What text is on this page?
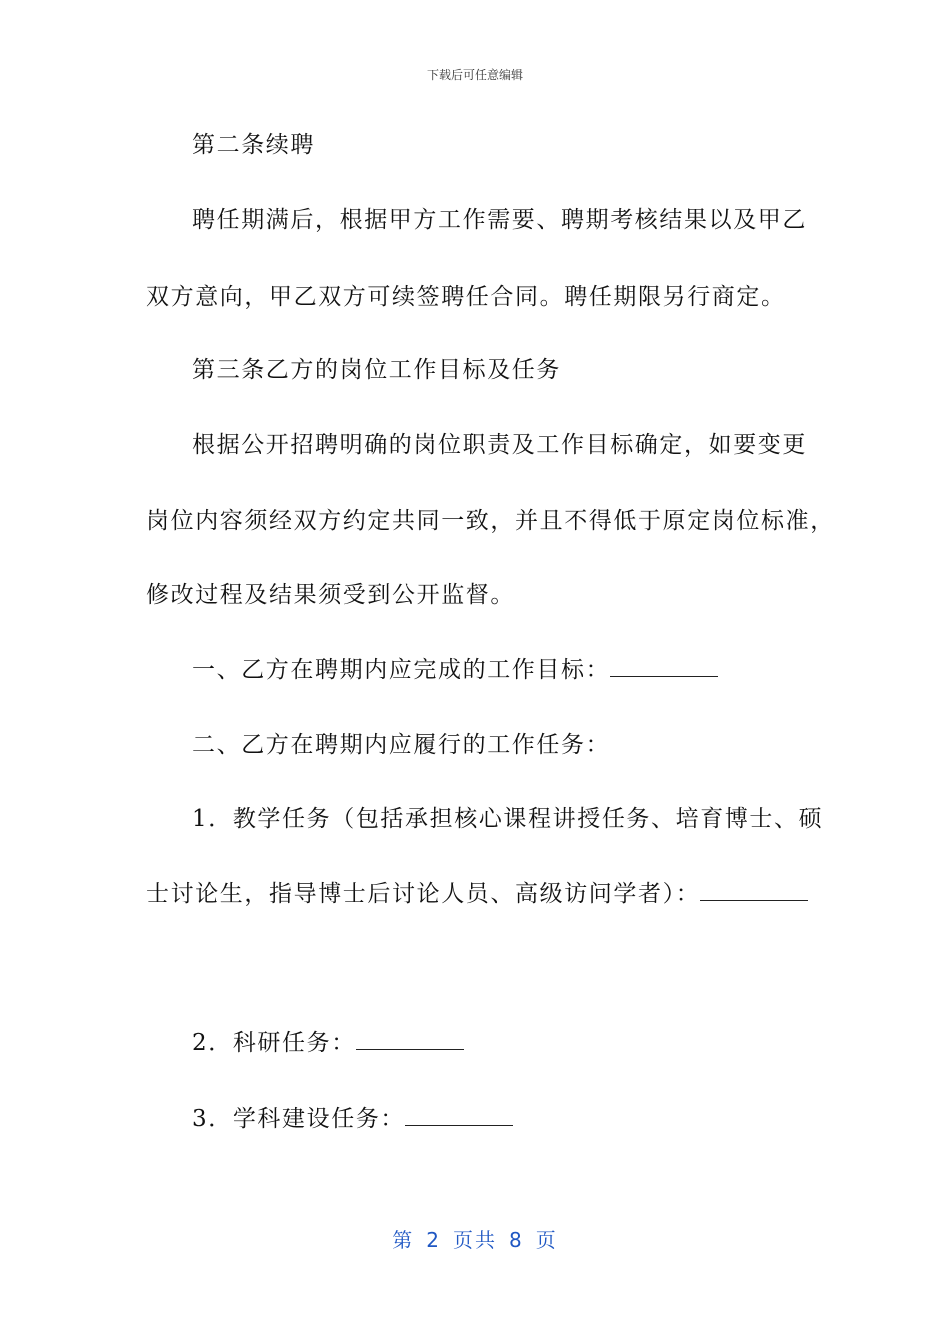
下载后可任意编辑
第二条续聘
聘任期满后，根据甲方工作需要、聘期考核结果以及甲乙
双方意向，甲乙双方可续签聘任合同。聘任期限另行商定。
第三条乙方的岗位工作目标及任务
根据公开招聘明确的岗位职责及工作目标确定，如要变更
岗位内容须经双方约定共同一致，并且不得低于原定岗位标准，
修改过程及结果须受到公开监督。
一、乙方在聘期内应完成的工作目标：
二、乙方在聘期内应履行的工作任务：
1．教学任务（包括承担核心课程讲授任务、培育博士、硕
士讨论生，指导博士后讨论人员、高级访问学者）：
2．科研任务：
3．学科建设任务：
第 2 页共 8 页
